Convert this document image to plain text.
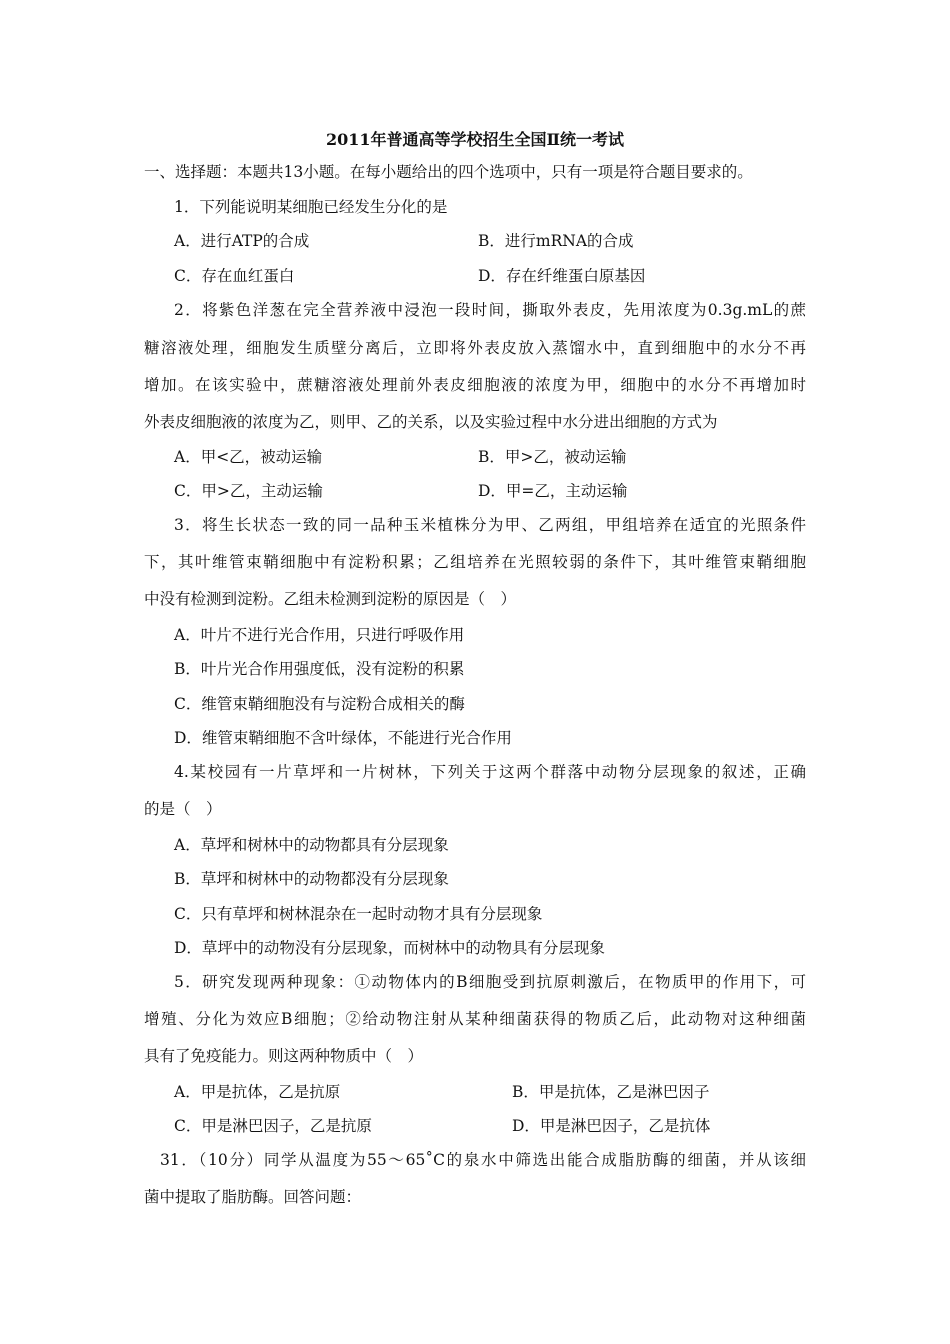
2011年普通高等学校招生全国Ⅱ统一考试
一、选择题：本题共13小题。在每小题给出的四个选项中，只有一项是符合题目要求的。
1．下列能说明某细胞已经发生分化的是
A．进行ATP的合成	B．进行mRNA的合成
C．存在血红蛋白	D．存在纤维蛋白原基因
2．将紫色洋葱在完全营养液中浸泡一段时间，撕取外表皮，先用浓度为0.3g.mL的蔗
糖溶液处理，细胞发生质壁分离后，立即将外表皮放入蒸馏水中，直到细胞中的水分不再
增加。在该实验中，蔗糖溶液处理前外表皮细胞液的浓度为甲，细胞中的水分不再增加时
外表皮细胞液的浓度为乙，则甲、乙的关系，以及实验过程中水分进出细胞的方式为
A．甲<乙，被动运输	B．甲>乙，被动运输
C．甲>乙，主动运输	D．甲=乙，主动运输
3．将生长状态一致的同一品种玉米植株分为甲、乙两组，甲组培养在适宜的光照条件
下，其叶维管束鞘细胞中有淀粉积累；乙组培养在光照较弱的条件下，其叶维管束鞘细胞
中没有检测到淀粉。乙组未检测到淀粉的原因是（　）
A．叶片不进行光合作用，只进行呼吸作用
B．叶片光合作用强度低，没有淀粉的积累
C．维管束鞘细胞没有与淀粉合成相关的酶
D．维管束鞘细胞不含叶绿体，不能进行光合作用
4.某校园有一片草坪和一片树林，下列关于这两个群落中动物分层现象的叙述，正确
的是（　）
A．草坪和树林中的动物都具有分层现象
B．草坪和树林中的动物都没有分层现象
C．只有草坪和树林混杂在一起时动物才具有分层现象
D．草坪中的动物没有分层现象，而树林中的动物具有分层现象
5．研究发现两种现象：①动物体内的B细胞受到抗原刺激后，在物质甲的作用下，可
增殖、分化为效应B细胞；②给动物注射从某种细菌获得的物质乙后，此动物对这种细菌
具有了免疫能力。则这两种物质中（　）
A．甲是抗体，乙是抗原	B．甲是抗体，乙是淋巴因子
C．甲是淋巴因子，乙是抗原	D．甲是淋巴因子，乙是抗体
31．（10分）同学从温度为55～65˚C的泉水中筛选出能合成脂肪酶的细菌，并从该细
菌中提取了脂肪酶。回答问题：
